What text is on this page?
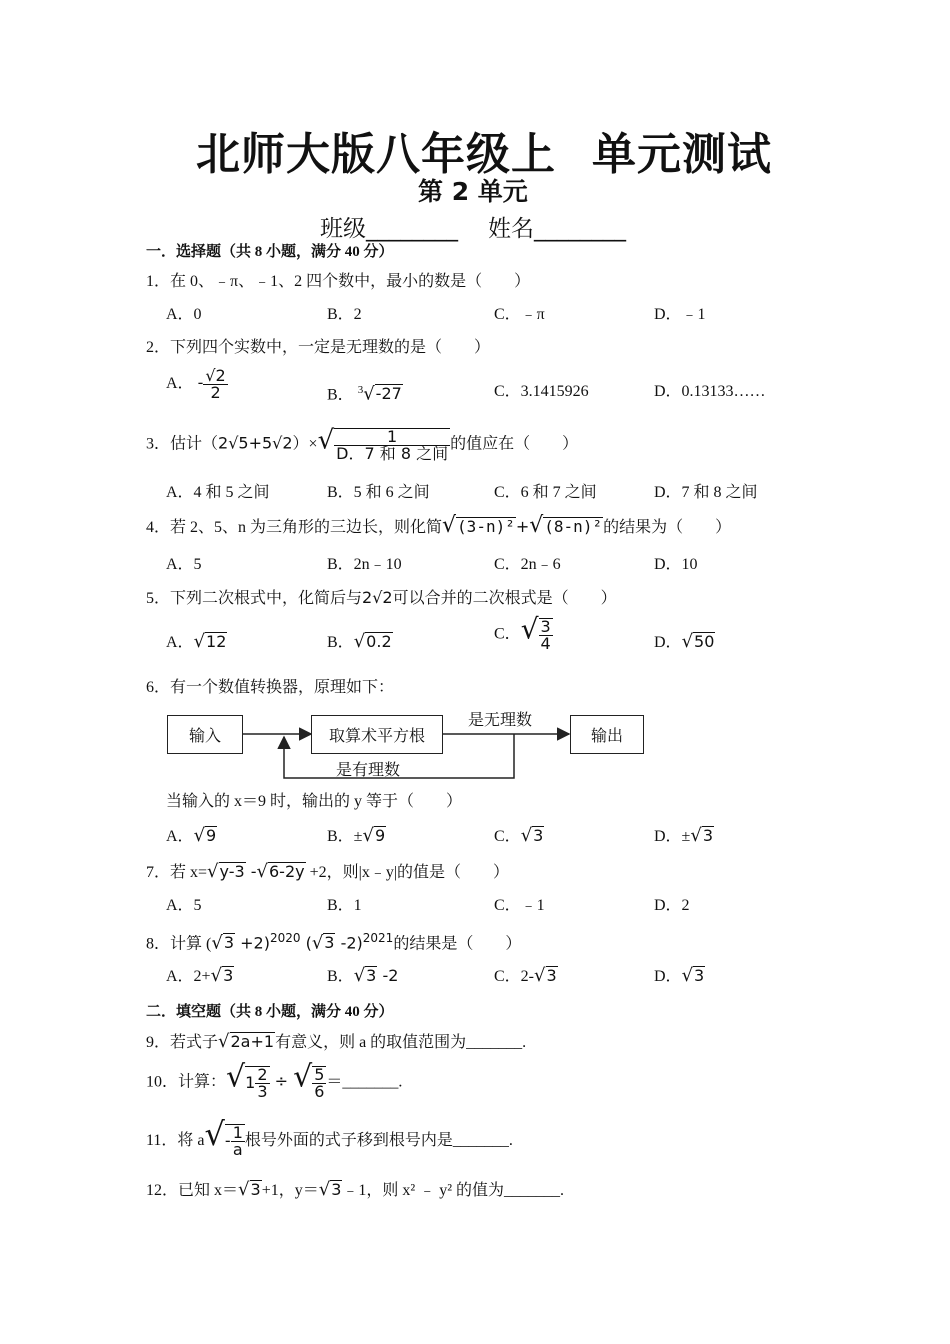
北师大版八年级上 单元测试
第 2 单元
班级________ 姓名________
一．选择题（共 8 小题，满分 40 分）
1．在 0、﹣π、﹣1、2 四个数中，最小的数是（　　）
A．0	B．2	C．﹣π	D．﹣1
2．下列四个实数中，一定是无理数的是（　　）
A． - $\frac{√2}{2}$	B． $^3$√-27	C．3.1415926	D．0.13133……
3．估计$(2√5+5√2)\times√ \frac{1}{\text{D．7 和 8 之间}}$ 的值应在（　　）
A．4 和 5 之间	B．5 和 6 之间	C．6 和 7 之间	D．7 和 8 之间
4．若 2、5、n 为三角形的三边长，则化简√(3-n)²+√(8-n)²的结果为（　　）
A．5	B．2n﹣10	C．2n﹣6	D．10
5．下列二次根式中，化简后与2√2可以合并的二次根式是（　　）
A．√12	B．√0.2	C．√ $\frac{3}{4}$	D．√50
6．有一个数值转换器，原理如下：
输入	取算术平方根	输出
是无理数
是有理数
当输入的 x＝9 时，输出的 y 等于（　　）
A．√9	B．±√9	C．√3	D．±√3
7．若 x=√y-3 -√6-2y +2，则|x﹣y|的值是（　　）
A．5	B．1	C．﹣1	D．2
8．计算 $(√3 +2)^{2020}$ (√3 -2)$^{2021}$的结果是（　　）
A．2+√3	B．√3 -2	C．2-√3	D．√3
二．填空题（共 8 小题，满分 40 分）
9．若式子√2a+1有意义，则 a 的取值范围为_______.
10．计算：$√1 \frac{2}{3}$ ÷ √ $\frac{5}{6}$ ＝_______.
11．将 $a√- \frac{1}{a}$ 根号外面的式子移到根号内是_______.
12．已知 x＝√3+1，y＝√3﹣1，则 x² ﹣ y² 的值为_______.
